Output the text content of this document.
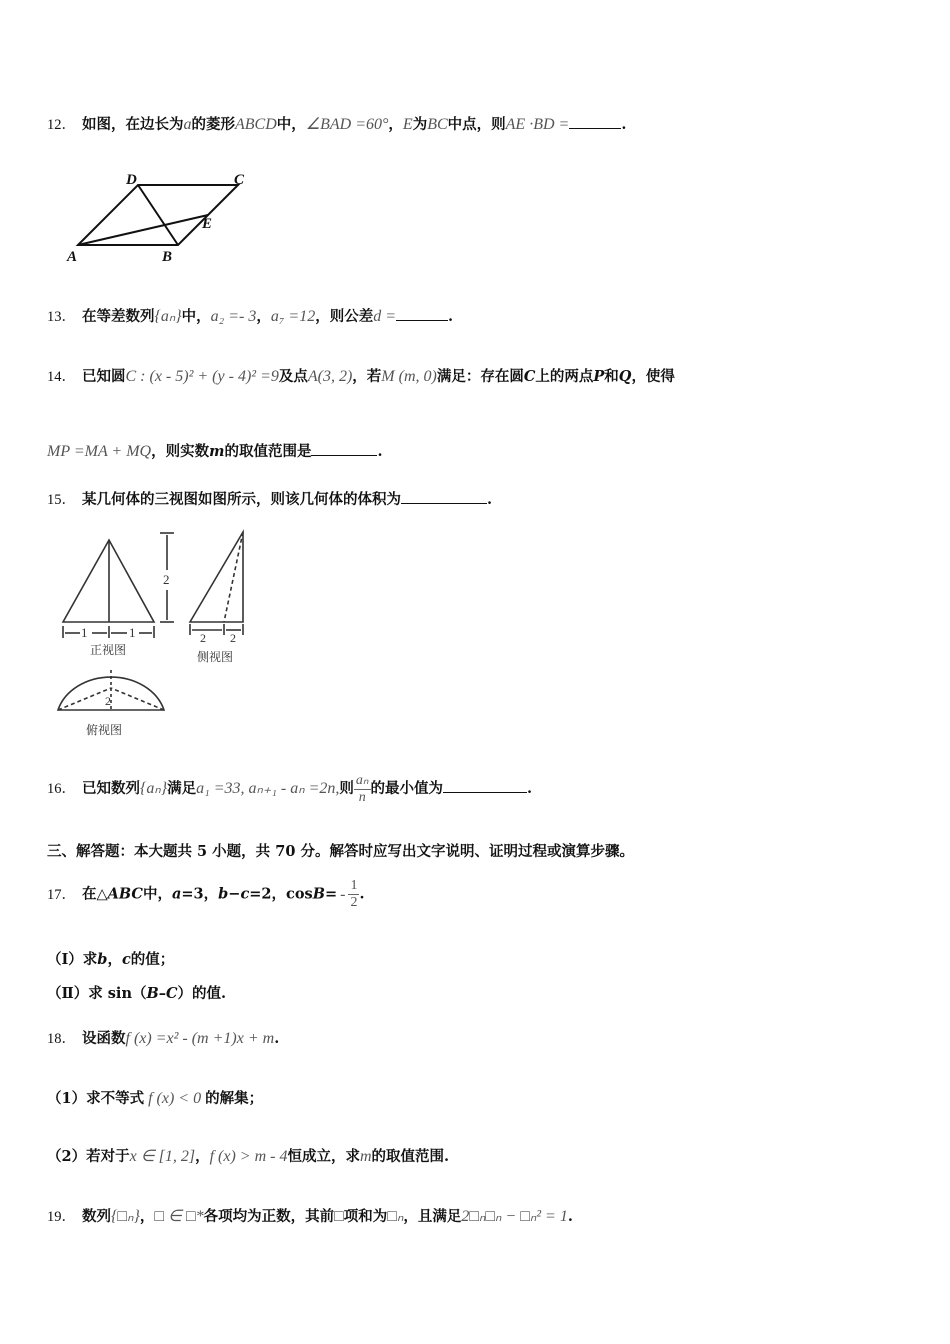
12． 如图，在边长为a的菱形ABCD中，∠BAD =60°，E为BC中点，则AE ·BD =	.
D	C
E
A	B
13． 在等差数列{aₙ}中，a₂ =- 3，a₇ =12，则公差d =	.
14． 已知圆C : (x - 5)² + (y - 4)² =9及点A(3, 2)，若M (m, 0)满足：存在圆C上的两点P和Q，使得
MP =MA + MQ，则实数m的取值范围是	.
15． 某几何体的三视图如图所示，则该几何体的体积为	.
1	1
2
2 2
2
正视图	侧视图
俯视图
16． 已知数列{aₙ}满足a₁ =33, aₙ₊₁ - aₙ =2n,则 $\frac{\text{aₙ}}{n}$ 的最小值为	.
三、解答题：本大题共 5 小题，共 70 分。解答时应写出文字说明、证明过程或演算步骤。
17． 在△ABC中，a=3，b−c=2，$\cos B= - \frac{1}{2}$ .
（Ⅰ）求b，c的值；
（Ⅱ）求 sin（B–C）的值.
18． 设函数f (x) =x² - (m +1)x + m.
（1）求不等式 f (x) < 0 的解集；
（2）若对于x ∈ [1, 2]，f (x) > m - 4恒成立，求m的取值范围.
19． 数列{□ₙ}，□ ∈ □*各项均为正数，其前□项和为□ₙ，且满足2□ₙ□ₙ − □ₙ² = 1.
